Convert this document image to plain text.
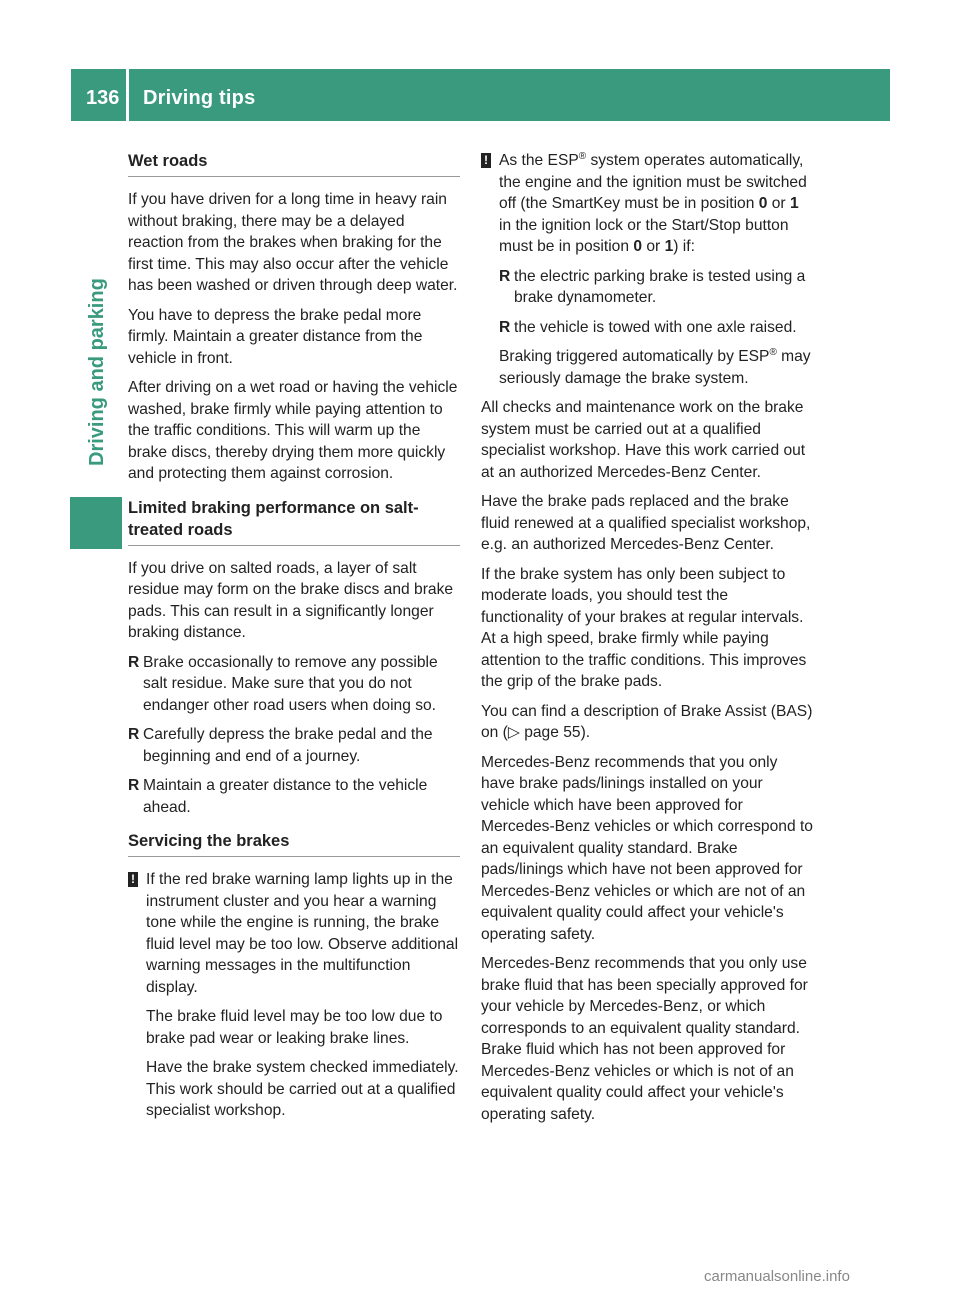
136 Driving tips
Driving and parking
Wet roads

If you have driven for a long time in heavy rain without braking, there may be a delayed reaction from the brakes when braking for the first time. This may also occur after the vehicle has been washed or driven through deep water.

You have to depress the brake pedal more firmly. Maintain a greater distance from the vehicle in front.

After driving on a wet road or having the vehicle washed, brake firmly while paying attention to the traffic conditions. This will warm up the brake discs, thereby drying them more quickly and protecting them against corrosion.

Limited braking performance on salt-treated roads

If you drive on salted roads, a layer of salt residue may form on the brake discs and brake pads. This can result in a significantly longer braking distance.

R Brake occasionally to remove any possible salt residue. Make sure that you do not endanger other road users when doing so.
R Carefully depress the brake pedal and the beginning and end of a journey.
R Maintain a greater distance to the vehicle ahead.
Servicing the brakes
! If the red brake warning lamp lights up in the instrument cluster and you hear a warning tone while the engine is running, the brake fluid level may be too low. Observe additional warning messages in the multifunction display.

The brake fluid level may be too low due to brake pad wear or leaking brake lines.

Have the brake system checked immediately. This work should be carried out at a qualified specialist workshop.

! As the ESP® system operates automatically, the engine and the ignition must be switched off (the SmartKey must be in position 0 or 1 in the ignition lock or the Start/Stop button must be in position 0 or 1) if:

R the electric parking brake is tested using a brake dynamometer.
R the vehicle is towed with one axle raised.

Braking triggered automatically by ESP® may seriously damage the brake system.

All checks and maintenance work on the brake system must be carried out at a qualified specialist workshop. Have this work carried out at an authorized Mercedes-Benz Center.

Have the brake pads replaced and the brake fluid renewed at a qualified specialist workshop, e.g. an authorized Mercedes-Benz Center.

If the brake system has only been subject to moderate loads, you should test the functionality of your brakes at regular intervals. At a high speed, brake firmly while paying attention to the traffic conditions. This improves the grip of the brake pads.

You can find a description of Brake Assist (BAS) on (▷ page 55).

Mercedes-Benz recommends that you only have brake pads/linings installed on your vehicle which have been approved for Mercedes-Benz vehicles or which correspond to an equivalent quality standard. Brake pads/linings which have not been approved for Mercedes-Benz vehicles or which are not of an equivalent quality could affect your vehicle's operating safety.

Mercedes-Benz recommends that you only use brake fluid that has been specially approved for your vehicle by Mercedes-Benz, or which corresponds to an equivalent quality standard. Brake fluid which has not been approved for Mercedes-Benz vehicles or which is not of an equivalent quality could affect your vehicle's operating safety.

carmanualsonline.info
